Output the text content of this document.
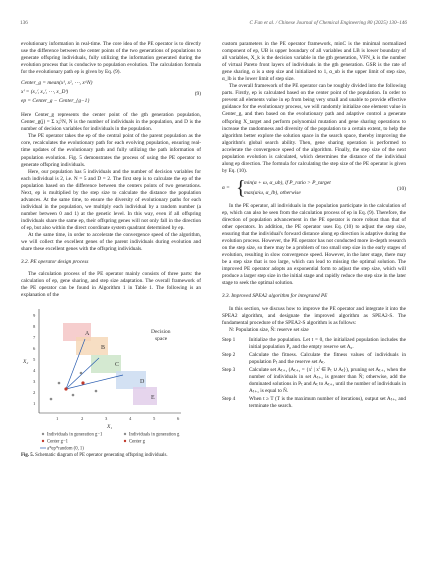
136	C Fan et al. / Chinese Journal of Chemical Engineering 80 (2025) 130–146

evolutionary information in real-time. The core idea of the PE operator is to directly use the difference between the center points of the two generations of populations to generate offspring individuals, fully utilizing the information generated during the evolution process that is conducive to population evolution. The calculation formula for the evolutionary path ep is given by Eq. (9).

Center_g = mean(x¹, x², ⋯, x^N)
xⁱ = (x₁ⁱ, x₂ⁱ, ⋯, x_Dⁱ)
ep = Center_g − Center_{g−1}
(9)

Here Center_g represents the center point of the gth generation population, Center_g(j) = Σ xⱼⁱ/N, N is the number of individuals in the population, and D is the number of decision variables for individuals in the population.

The PE operator takes the ep of the central point of the parent population as the core, recalculates the evolutionary path for each evolving population, ensuring real-time updates of the evolutionary path and fully utilizing the path information of population evolution. Fig. 5 demonstrates the process of using the PE operator to generate offspring individuals.

Here, our population has 5 individuals and the number of decision variables for each individual is 2, i.e. N = 5 and D = 2. The first step is to calculate the ep of the population based on the difference between the centers points of two generations. Next, ep is multiplied by the step size to calculate the distance the population advances. At the same time, to ensure the diversity of evolutionary paths for each individual in the population, we multiply each individual by a random number (a number between 0 and 1) at the genetic level. In this way, even if all offspring individuals share the same ep, their offspring genes will not only fall in the direction of ep, but also within the direct coordinate system quadrant determined by ep.

At the same time, in order to accelerate the convergence speed of the algorithm, we will collect the excellent genes of the parent individuals during evolution and share these excellent genes with the offspring individuals.

3.2. PE operator design process

The calculation process of the PE operator mainly consists of three parts: the calculation of ep, gene sharing, and step size adaptation. The overall framework of the PE operator can be found in Algorithm 1 in Table 1. The following is an explanation of the

A
B
C
D
E
Decision
space
1	2	3	4	5	6
1
2
3
4
5
6
7
8
9
X₂
X₁
Individuals in generation g−1	Individuals in generation g
Center g−1	Center g
a*ep*random (0, 1)
Fig. 5. Schematic diagram of PE operator generating offspring individuals.

custom parameters in the PE operator framework, minC is the minimal normalized component of ep, UB is upper boundary of all variables and LB is lower boundary of all variables, X_k is the decision variable in the gth generation, VFN_k is the number of virtual Pareto front layers of individuals in the gth generation. GSR is the rate of gene sharing, α is a step size and initialized to 1, α_ub is the upper limit of step size, α_lb is the lower limit of step size.

The overall framework of the PE operator can be roughly divided into the following parts. Firstly, ep is calculated based on the center point of the population. In order to prevent all elements value in ep from being very small and unable to provide effective guidance for the evolutionary process, we will randomly initialize one element value in Center_g, and then based on the evolutionary path and adaptive control a generate offspring X_target and perform polynomial mutation and gene sharing operations to increase the randomness and diversity of the population to a certain extent, to help the algorithm better explore the solution space in the search space, thereby improving the algorithm's global search ability. Then, gene sharing operation is performed to accelerate the convergence speed of the algorithm. Finally, the step size of the next population evolution is calculated, which determines the distance of the individual along ep direction. The formula for calculating the step size of the PE operator is given by Eq. (10).

α = {
min(α + ω, α_ub), if P_ratio > P_target
max(α/ω, α_lb), otherwise
(10)

In the PE operator, all individuals in the population participate in the calculation of ep, which can also be seen from the calculation process of ep in Eq. (9). Therefore, the direction of population advancement in the PE operator is more robust than that of other operators. In addition, the PE operator uses Eq. (10) to adjust the step size, ensuring that the individual's forward distance along ep direction is adaptive during the evolution process. However, the PE operator has not conducted more in-depth research on the step size, so there may be a problem of too small step size in the early stages of evolution, resulting in slow convergence speed. However, in the later stage, there may be a step size that is too large, which can lead to missing the optimal solution. The improved PE operator adopts an exponential form to adjust the step size, which will produce a larger step size in the initial stage and rapidly reduce the step size in the later stage to seek the optimal solution.

3.3. Improved SPEA2 algorithm for integrated PE

In this section, we discuss how to improve the PE operator and integrate it into the SPEA2 algorithm, and designate the improved algorithm as SPEA2-S. The fundamental procedure of the SPEA2-S algorithm is as follows:

N: Population size, N̄: reserve set size

Step 1	Initialize the population. Let t = 0, the initialized population includes the initial population P₀ and the empty reserve set A₀.
Step 2	Calculate the fitness. Calculate the fitness values of individuals in population Pₜ and the reserve set Aₜ.
Step 3	Calculate set Aₜ₊₁ (Aₜ₊₁ = {xⁱ | xⁱ ∈ Pₜ ∪ Aₜ}), pruning set Aₜ₊₁ when the number of individuals in set Aₜ₊₁ is greater than N̄; otherwise, add the dominated solutions in Pₜ and Aₜ to Aₜ₊₁ until the number of individuals in Aₜ₊₁ is equal to N̄.
Step 4	When t ≥ T (T is the maximum number of iterations), output set Aₜ₊₁ and terminate the search.
